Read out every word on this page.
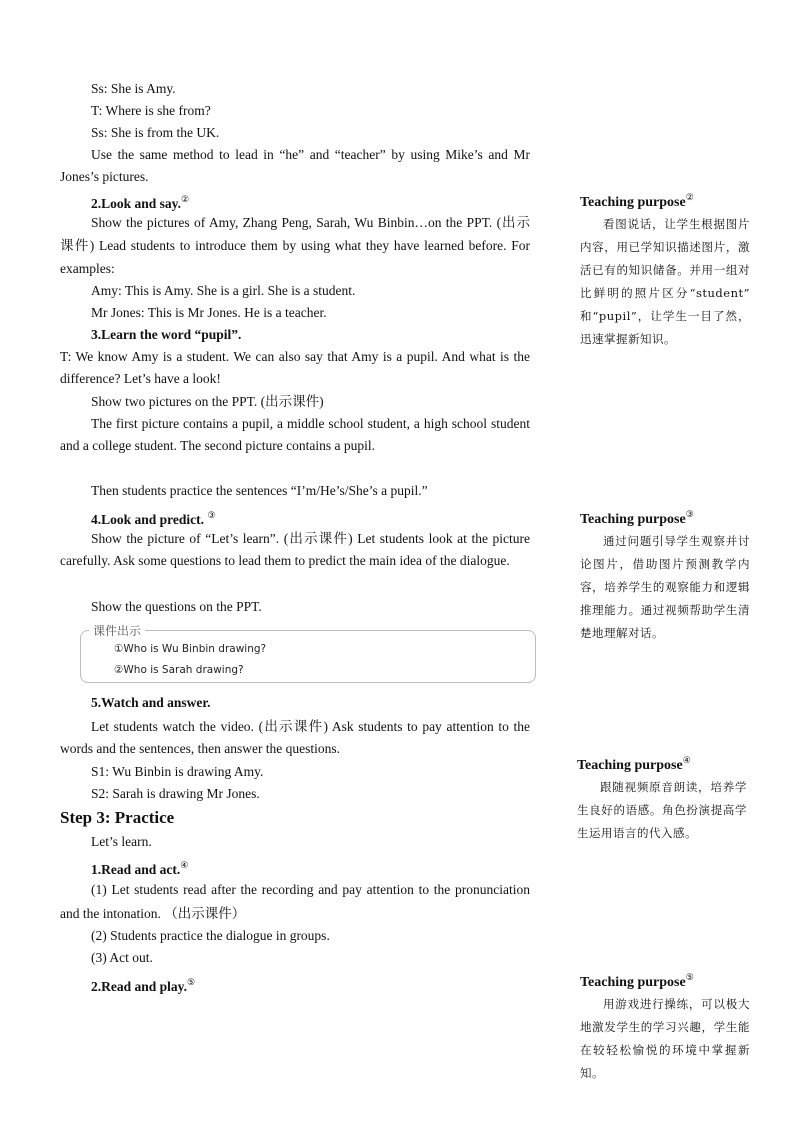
Ss: She is Amy.
T: Where is she from?
Ss: She is from the UK.
Use the same method to lead in “he” and “teacher” by using Mike’s and Mr Jones’s pictures.
2.Look and say.②
Show the pictures of Amy, Zhang Peng, Sarah, Wu Binbin…on the PPT. (出示课件) Lead students to introduce them by using what they have learned before. For examples:
Amy: This is Amy. She is a girl. She is a student.
Mr Jones: This is Mr Jones. He is a teacher.
3.Learn the word “pupil”.
T: We know Amy is a student. We can also say that Amy is a pupil. And what is the difference? Let’s have a look!
Show two pictures on the PPT. (出示课件)
The first picture contains a pupil, a middle school student, a high school student and a college student. The second picture contains a pupil.
Then students practice the sentences “I’m/He’s/She’s a pupil.”
4.Look and predict. ③
Show the picture of “Let’s learn”. (出示课件) Let students look at the picture carefully. Ask some questions to lead them to predict the main idea of the dialogue.
Show the questions on the PPT.
5.Watch and answer.
Let students watch the video. (出示课件) Ask students to pay attention to the words and the sentences, then answer the questions.
S1: Wu Binbin is drawing Amy.
S2: Sarah is drawing Mr Jones.
Step 3: Practice
Let’s learn.
1.Read and act.④
(1) Let students read after the recording and pay attention to the pronunciation and the intonation. （出示课件）
(2) Students practice the dialogue in groups.
(3) Act out.
2.Read and play.⑤
课件出示
①Who is Wu Binbin drawing?
②Who is Sarah drawing?
Teaching purpose②
看图说话，让学生根据图片内容，用已学知识描述图片，激活已有的知识储备。并用一组对比鲜明的照片区分“student” 和“pupil”，让学生一目了然，迅速掌握新知识。
Teaching purpose③
通过问题引导学生观察并讨论图片，借助图片预测教学内容，培养学生的观察能力和逻辑推理能力。通过视频帮助学生清楚地理解对话。
Teaching purpose④
跟随视频原音朗读，培养学生良好的语感。角色扮演提高学生运用语言的代入感。
Teaching purpose⑤
用游戏进行操练，可以极大地激发学生的学习兴趣，学生能在较轻松愉悦的环境中掌握新知。
